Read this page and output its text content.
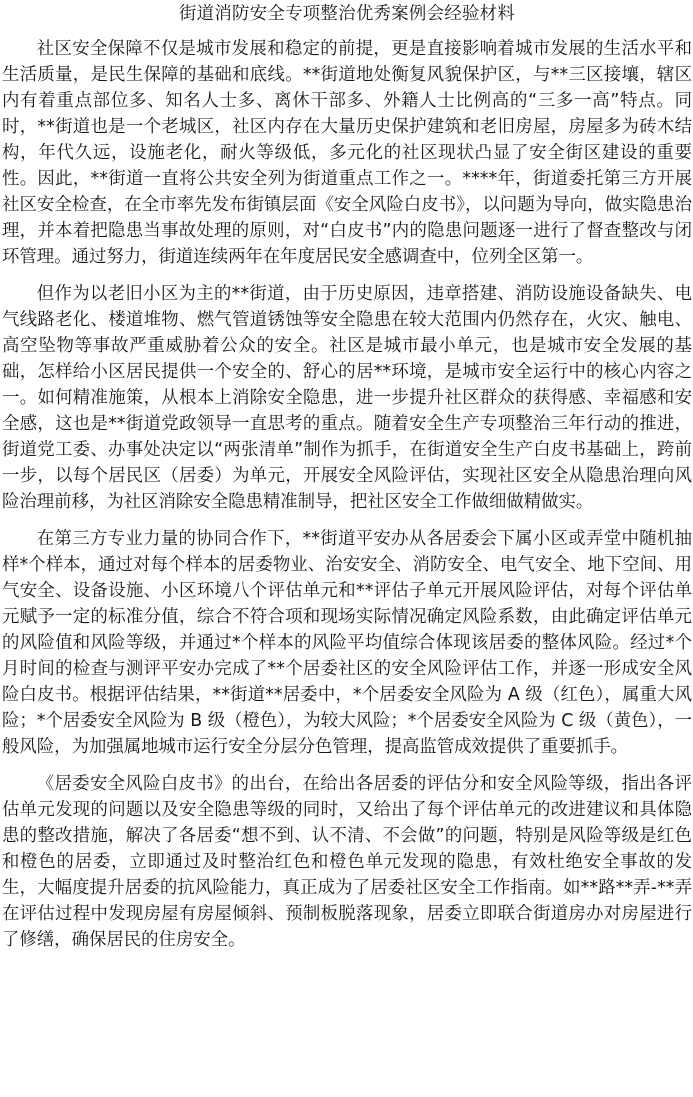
街道消防安全专项整治优秀案例会经验材料

社区安全保障不仅是城市发展和稳定的前提，更是直接影响着城市发展的生活水平和生活质量，是民生保障的基础和底线。**街道地处衡复风貌保护区，与**三区接壤，辖区内有着重点部位多、知名人士多、离休干部多、外籍人士比例高的“三多一高”特点。同时，**街道也是一个老城区，社区内存在大量历史保护建筑和老旧房屋，房屋多为砖木结构，年代久远，设施老化，耐火等级低，多元化的社区现状凸显了安全街区建设的重要性。因此，**街道一直将公共安全列为街道重点工作之一。****年，街道委托第三方开展社区安全检查，在全市率先发布街镇层面《安全风险白皮书》，以问题为导向，做实隐患治理，并本着把隐患当事故处理的原则，对“白皮书”内的隐患问题逐一进行了督查整改与闭环管理。通过努力，街道连续两年在年度居民安全感调查中，位列全区第一。

但作为以老旧小区为主的**街道，由于历史原因，违章搭建、消防设施设备缺失、电气线路老化、楼道堆物、燃气管道锈蚀等安全隐患在较大范围内仍然存在，火灾、触电、高空坠物等事故严重威胁着公众的安全。社区是城市最小单元，也是城市安全发展的基础，怎样给小区居民提供一个安全的、舒心的居**环境，是城市安全运行中的核心内容之一。如何精准施策，从根本上消除安全隐患，进一步提升社区群众的获得感、幸福感和安全感，这也是**街道党政领导一直思考的重点。随着安全生产专项整治三年行动的推进，街道党工委、办事处决定以“两张清单”制作为抓手，在街道安全生产白皮书基础上，跨前一步，以每个居民区（居委）为单元，开展安全风险评估，实现社区安全从隐患治理向风险治理前移，为社区消除安全隐患精准制导，把社区安全工作做细做精做实。

在第三方专业力量的协同合作下，**街道平安办从各居委会下属小区或弄堂中随机抽样*个样本，通过对每个样本的居委物业、治安安全、消防安全、电气安全、地下空间、用气安全、设备设施、小区环境八个评估单元和**评估子单元开展风险评估，对每个评估单元赋予一定的标准分值，综合不符合项和现场实际情况确定风险系数，由此确定评估单元的风险值和风险等级，并通过*个样本的风险平均值综合体现该居委的整体风险。经过*个月时间的检查与测评平安办完成了**个居委社区的安全风险评估工作，并逐一形成安全风险白皮书。根据评估结果，**街道**居委中，*个居委安全风险为 A 级（红色），属重大风险；*个居委安全风险为 B 级（橙色），为较大风险；*个居委安全风险为 C 级（黄色），一般风险，为加强属地城市运行安全分层分色管理，提高监管成效提供了重要抓手。

《居委安全风险白皮书》的出台，在给出各居委的评估分和安全风险等级，指出各评估单元发现的问题以及安全隐患等级的同时，又给出了每个评估单元的改进建议和具体隐患的整改措施，解决了各居委“想不到、认不清、不会做”的问题，特别是风险等级是红色和橙色的居委，立即通过及时整治红色和橙色单元发现的隐患，有效杜绝安全事故的发生，大幅度提升居委的抗风险能力，真正成为了居委社区安全工作指南。如**路**弄-**弄在评估过程中发现房屋有房屋倾斜、预制板脱落现象，居委立即联合街道房办对房屋进行了修缮，确保居民的住房安全。
